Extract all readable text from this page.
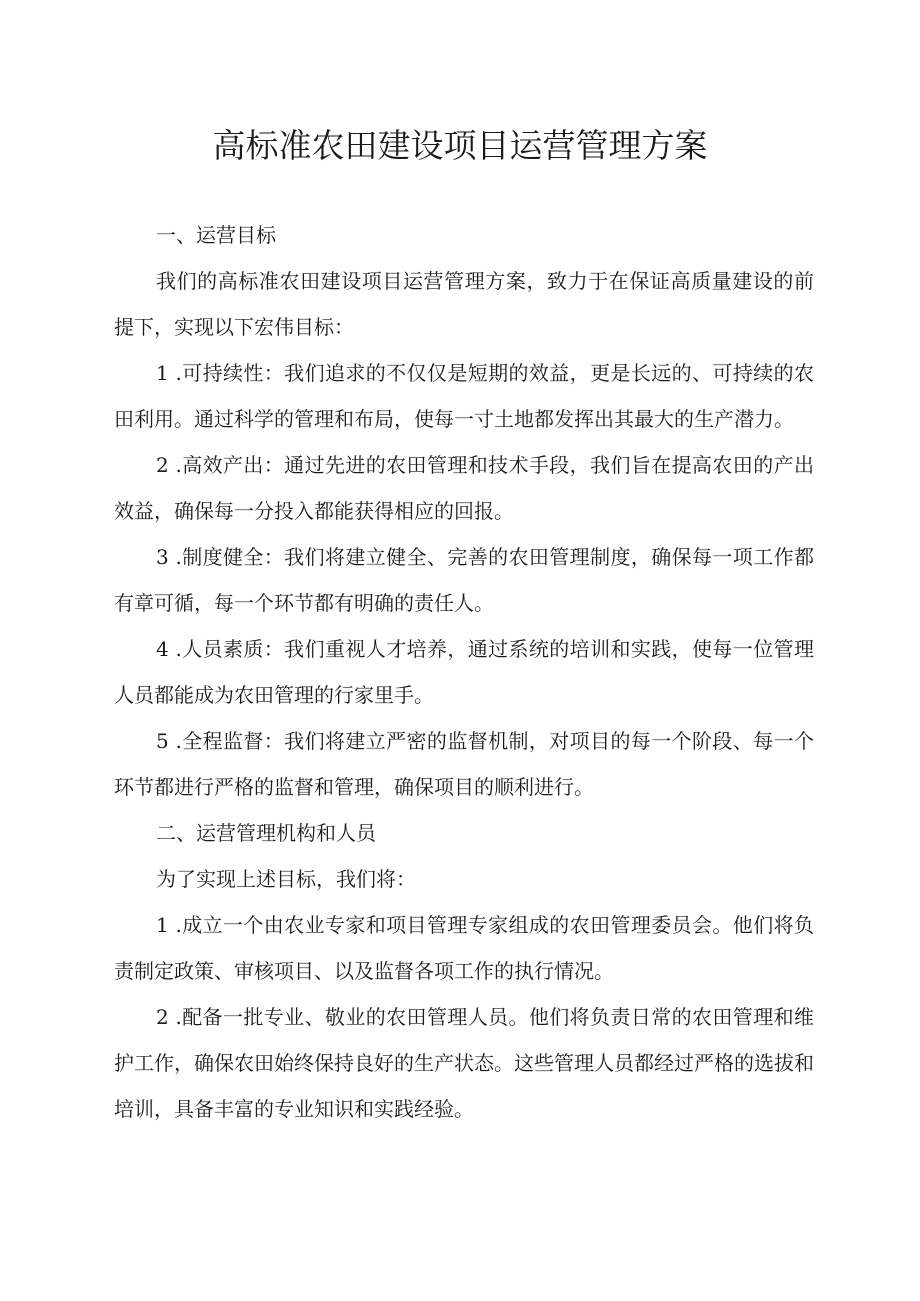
高标准农田建设项目运营管理方案

一、运营目标

我们的高标准农田建设项目运营管理方案，致力于在保证高质量建设的前提下，实现以下宏伟目标：

1 .可持续性：我们追求的不仅仅是短期的效益，更是长远的、可持续的农田利用。通过科学的管理和布局，使每一寸土地都发挥出其最大的生产潜力。

2 .高效产出：通过先进的农田管理和技术手段，我们旨在提高农田的产出效益，确保每一分投入都能获得相应的回报。

3 .制度健全：我们将建立健全、完善的农田管理制度，确保每一项工作都有章可循，每一个环节都有明确的责任人。

4 .人员素质：我们重视人才培养，通过系统的培训和实践，使每一位管理人员都能成为农田管理的行家里手。

5 .全程监督：我们将建立严密的监督机制，对项目的每一个阶段、每一个环节都进行严格的监督和管理，确保项目的顺利进行。

二、运营管理机构和人员

为了实现上述目标，我们将：

1 .成立一个由农业专家和项目管理专家组成的农田管理委员会。他们将负责制定政策、审核项目、以及监督各项工作的执行情况。

2 .配备一批专业、敬业的农田管理人员。他们将负责日常的农田管理和维护工作，确保农田始终保持良好的生产状态。这些管理人员都经过严格的选拔和培训，具备丰富的专业知识和实践经验。
